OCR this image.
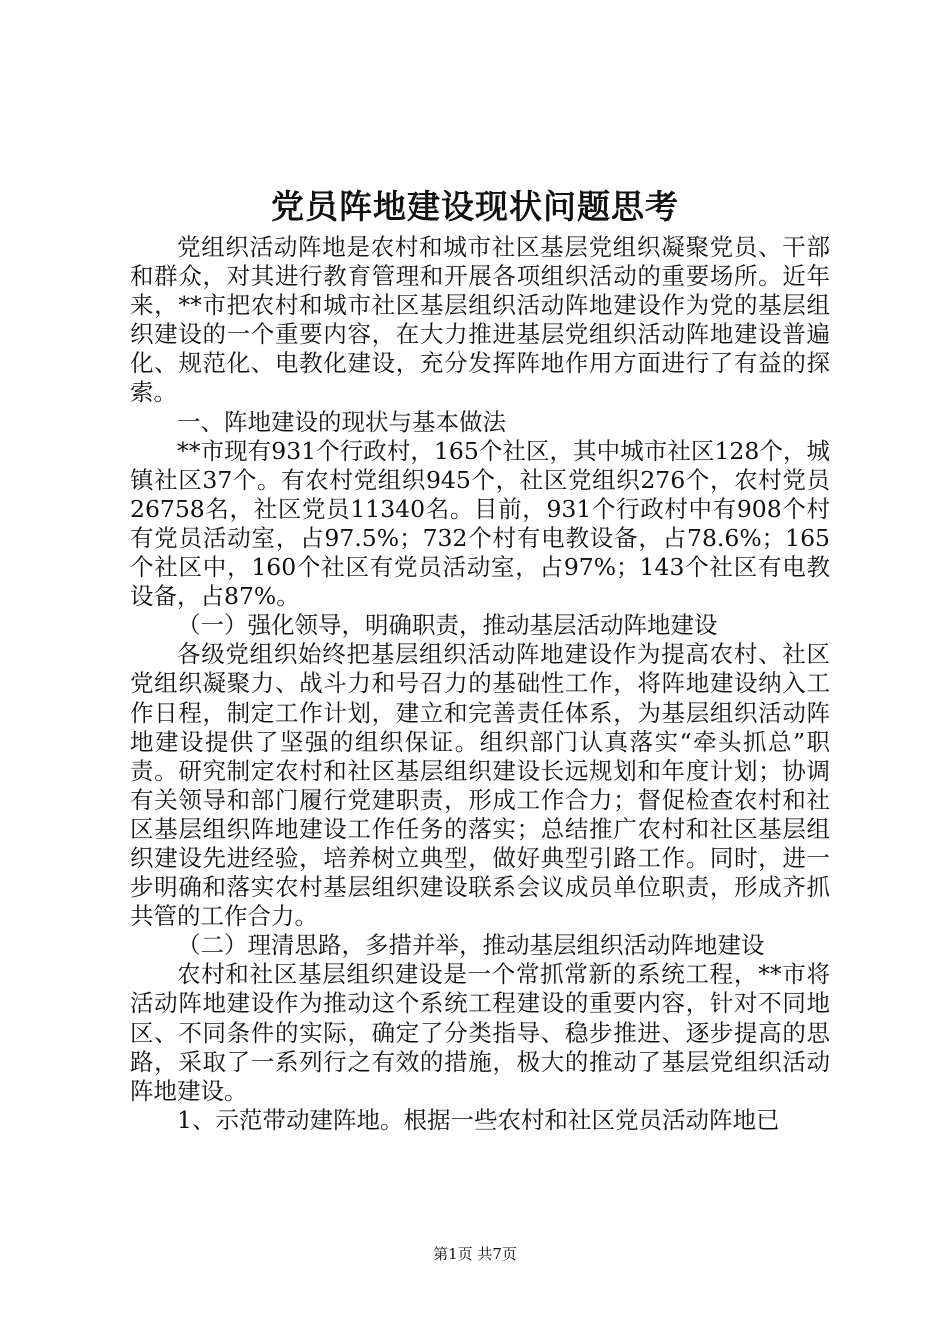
党员阵地建设现状问题思考

党组织活动阵地是农村和城市社区基层党组织凝聚党员、干部和群众，对其进行教育管理和开展各项组织活动的重要场所。近年来，**市把农村和城市社区基层组织活动阵地建设作为党的基层组织建设的一个重要内容，在大力推进基层党组织活动阵地建设普遍化、规范化、电教化建设，充分发挥阵地作用方面进行了有益的探索。

一、阵地建设的现状与基本做法

**市现有931个行政村，165个社区，其中城市社区128个，城镇社区37个。有农村党组织945个，社区党组织276个，农村党员26758名，社区党员11340名。目前，931个行政村中有908个村有党员活动室，占97.5%；732个村有电教设备，占78.6%；165个社区中，160个社区有党员活动室，占97%；143个社区有电教设备，占87%。

（一）强化领导，明确职责，推动基层活动阵地建设

各级党组织始终把基层组织活动阵地建设作为提高农村、社区党组织凝聚力、战斗力和号召力的基础性工作，将阵地建设纳入工作日程，制定工作计划，建立和完善责任体系，为基层组织活动阵地建设提供了坚强的组织保证。组织部门认真落实“牵头抓总”职责。研究制定农村和社区基层组织建设长远规划和年度计划；协调有关领导和部门履行党建职责，形成工作合力；督促检查农村和社区基层组织阵地建设工作任务的落实；总结推广农村和社区基层组织建设先进经验，培养树立典型，做好典型引路工作。同时，进一步明确和落实农村基层组织建设联系会议成员单位职责，形成齐抓共管的工作合力。

（二）理清思路，多措并举，推动基层组织活动阵地建设

农村和社区基层组织建设是一个常抓常新的系统工程，**市将活动阵地建设作为推动这个系统工程建设的重要内容，针对不同地区、不同条件的实际，确定了分类指导、稳步推进、逐步提高的思路，采取了一系列行之有效的措施，极大的推动了基层党组织活动阵地建设。

1、示范带动建阵地。根据一些农村和社区党员活动阵地已

第1页 共7页
